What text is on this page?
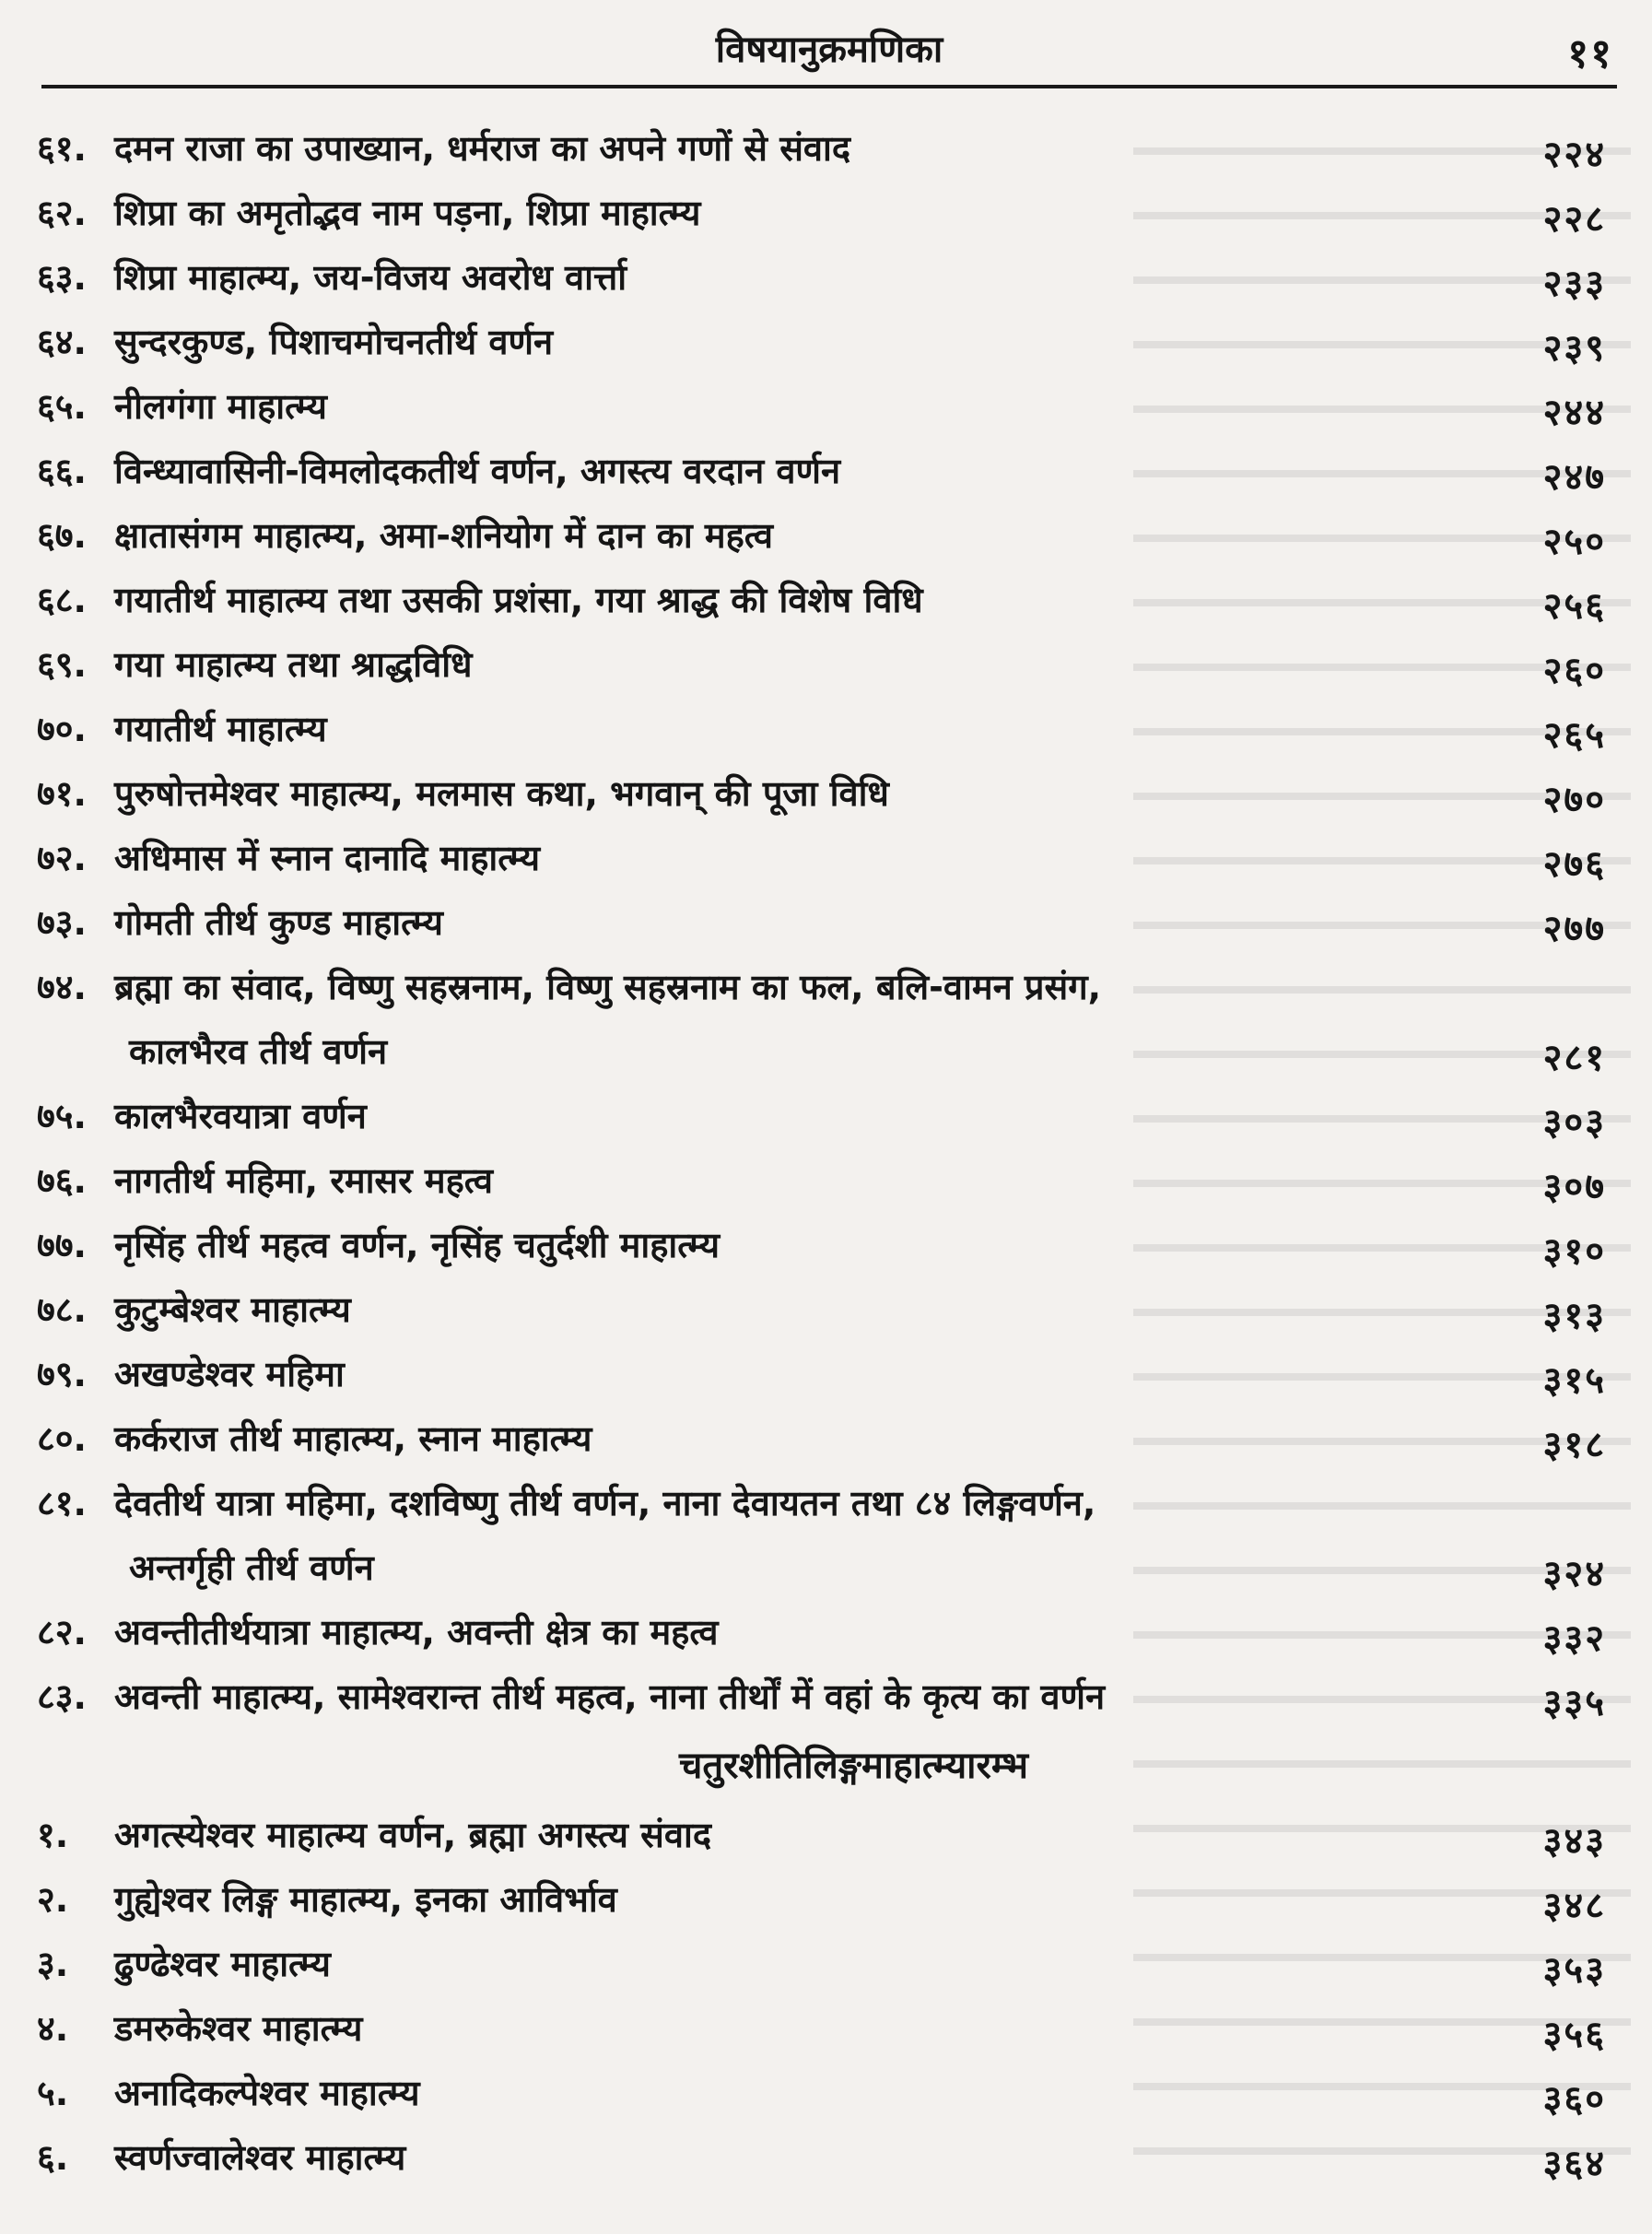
विषयानुक्रमणिका	११
६१. दमन राजा का उपाख्यान, धर्मराज का अपने गणों से संवाद	२२४
६२. शिप्रा का अमृतोद्भव नाम पड़ना, शिप्रा माहात्म्य	२२८
६३. शिप्रा माहात्म्य, जय-विजय अवरोध वार्त्ता	२३३
६४. सुन्दरकुण्ड, पिशाचमोचनतीर्थ वर्णन	२३९
६५. नीलगंगा माहात्म्य	२४४
६६. विन्ध्यावासिनी-विमलोदकतीर्थ वर्णन, अगस्त्य वरदान वर्णन	२४७
६७. क्षातासंगम माहात्म्य, अमा-शनियोग में दान का महत्व	२५०
६८. गयातीर्थ माहात्म्य तथा उसकी प्रशंसा, गया श्राद्ध की विशेष विधि	२५६
६९. गया माहात्म्य तथा श्राद्धविधि	२६०
७०. गयातीर्थ माहात्म्य	२६५
७१. पुरुषोत्तमेश्वर माहात्म्य, मलमास कथा, भगवान् की पूजा विधि	२७०
७२. अधिमास में स्नान दानादि माहात्म्य	२७६
७३. गोमती तीर्थ कुण्ड माहात्म्य	२७७
७४. ब्रह्मा का संवाद, विष्णु सहस्रनाम, विष्णु सहस्रनाम का फल, बलि-वामन प्रसंग,
कालभैरव तीर्थ वर्णन	२८१
७५. कालभैरवयात्रा वर्णन	३०३
७६. नागतीर्थ महिमा, रमासर महत्व	३०७
७७. नृसिंह तीर्थ महत्व वर्णन, नृसिंह चतुर्दशी माहात्म्य	३१०
७८. कुटुम्बेश्वर माहात्म्य	३१३
७९. अखण्डेश्वर महिमा	३१५
८०. कर्कराज तीर्थ माहात्म्य, स्नान माहात्म्य	३१८
८१. देवतीर्थ यात्रा महिमा, दशविष्णु तीर्थ वर्णन, नाना देवायतन तथा ८४ लिङ्गवर्णन,
अन्तर्गृही तीर्थ वर्णन	३२४
८२. अवन्तीतीर्थयात्रा माहात्म्य, अवन्ती क्षेत्र का महत्व	३३२
८३. अवन्ती माहात्म्य, सामेश्वरान्त तीर्थ महत्व, नाना तीर्थों में वहां के कृत्य का वर्णन	३३५
चतुरशीतिलिङ्गमाहात्म्यारम्भ
१. अगत्स्येश्वर माहात्म्य वर्णन, ब्रह्मा अगस्त्य संवाद	३४३
२. गुह्येश्वर लिङ्ग माहात्म्य, इनका आविर्भाव	३४८
३. ढुण्ढेश्वर माहात्म्य	३५३
४. डमरुकेश्वर माहात्म्य	३५६
५. अनादिकल्पेश्वर माहात्म्य	३६०
६. स्वर्णज्वालेश्वर माहात्म्य	३६४
